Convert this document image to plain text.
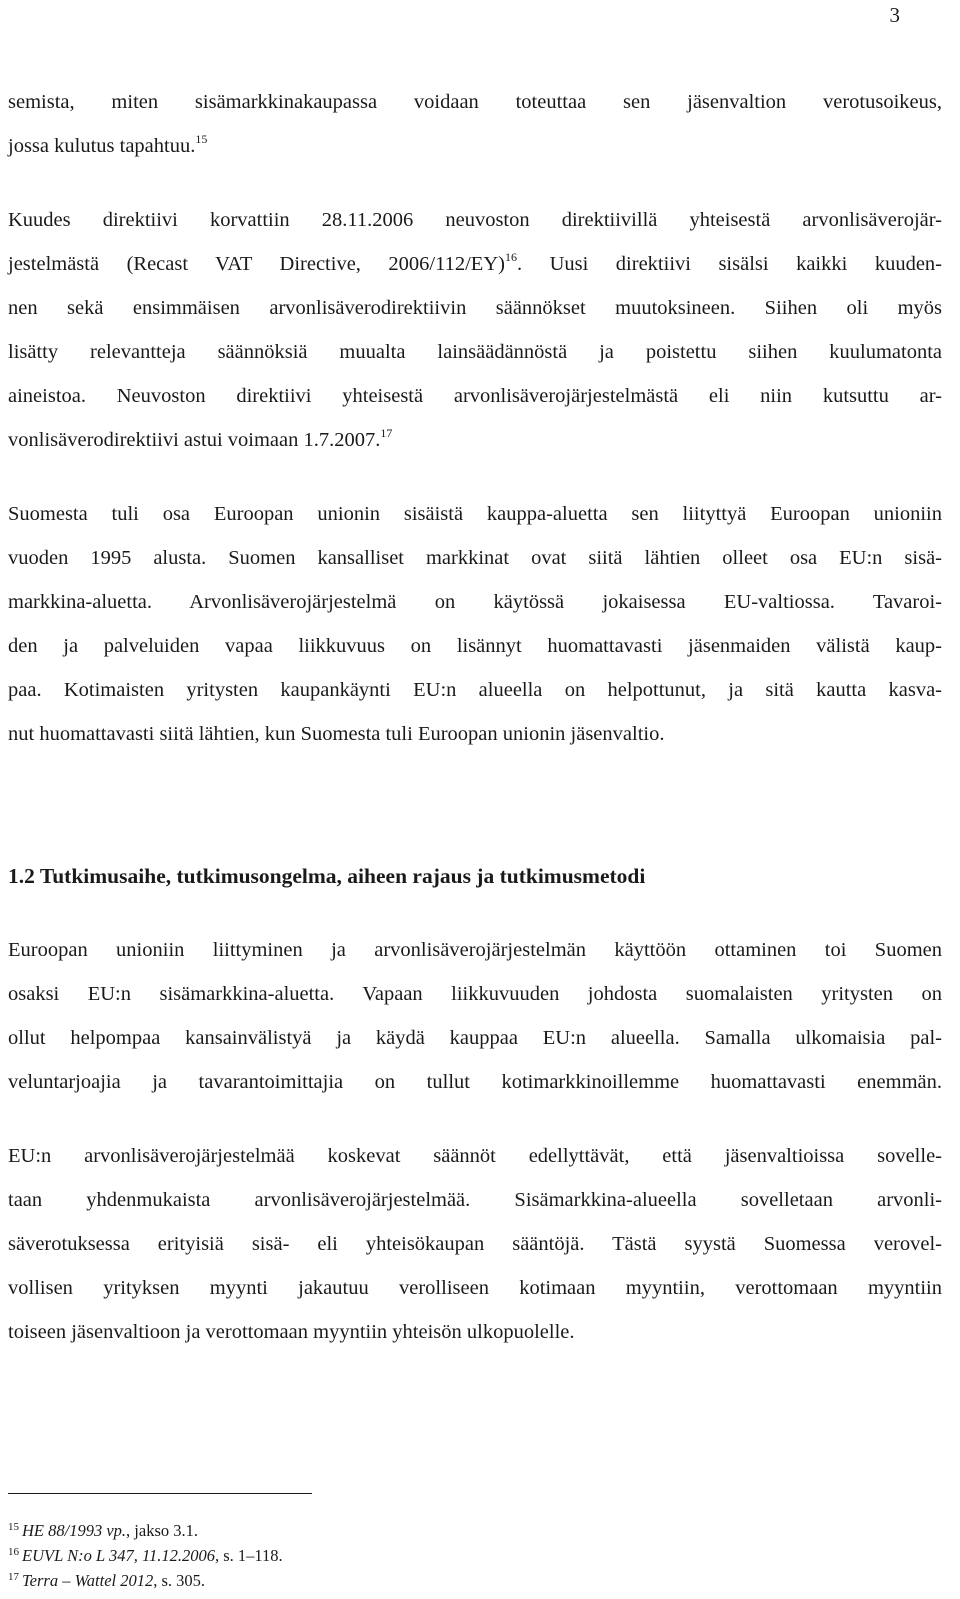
3
semista, miten sisämarkkinakaupassa voidaan toteuttaa sen jäsenvaltion verotusoikeus,
jossa kulutus tapahtuu.$^{15}$
Kuudes direktiivi korvattiin 28.11.2006 neuvoston direktiivillä yhteisestä arvonlisäverojär-
jestelmästä (Recast VAT Directive, 2006/112/EY)$^{16}$. Uusi direktiivi sisälsi kaikki kuuden-
nen sekä ensimmäisen arvonlisäverodirektiivin säännökset muutoksineen. Siihen oli myös
lisätty relevantteja säännöksiä muualta lainsäädännöstä ja poistettu siihen kuulumatonta
aineistoa. Neuvoston direktiivi yhteisestä arvonlisäverojärjestelmästä eli niin kutsuttu ar-
vonlisäverodirektiivi astui voimaan 1.7.2007.17
Suomesta tuli osa Euroopan unionin sisäistä kauppa-aluetta sen liityttyä Euroopan unioniin
vuoden 1995 alusta. Suomen kansalliset markkinat ovat siitä lähtien olleet osa EU:n sisä-
markkina-aluetta. Arvonlisäverojärjestelmä on käytössä jokaisessa EU-valtiossa. Tavaroi-
den ja palveluiden vapaa liikkuvuus on lisännyt huomattavasti jäsenmaiden välistä kaup-
paa. Kotimaisten yritysten kaupankäynti EU:n alueella on helpottunut, ja sitä kautta kasva-
nut huomattavasti siitä lähtien, kun Suomesta tuli Euroopan unionin jäsenvaltio.
1.2 Tutkimusaihe, tutkimusongelma, aiheen rajaus ja tutkimusmetodi
Euroopan unioniin liittyminen ja arvonlisäverojärjestelmän käyttöön ottaminen toi Suomen
osaksi EU:n sisämarkkina-aluetta. Vapaan liikkuvuuden johdosta suomalaisten yritysten on
ollut helpompaa kansainvälistyä ja käydä kauppaa EU:n alueella. Samalla ulkomaisia pal-
veluntarjoajia ja tavarantoimittajia on tullut kotimarkkinoillemme huomattavasti enemmän.
EU:n arvonlisäverojärjestelmää koskevat säännöt edellyttävät, että jäsenvaltioissa sovelle-
taan yhdenmukaista arvonlisäverojärjestelmää. Sisämarkkina-alueella sovelletaan arvonli-
säverotuksessa erityisiä sisä- eli yhteisökaupan sääntöjä. Tästä syystä Suomessa verovel-
vollisen yrityksen myynti jakautuu verolliseen kotimaan myyntiin, verottomaan myyntiin
toiseen jäsenvaltioon ja verottomaan myyntiin yhteisön ulkopuolelle.
$^{15}$ HE 88/1993 vp., jakso 3.1.
$^{16}$ EUVL N:o L 347, 11.12.2006, s. 1–118.
$^{17}$ Terra – Wattel 2012, s. 305.
